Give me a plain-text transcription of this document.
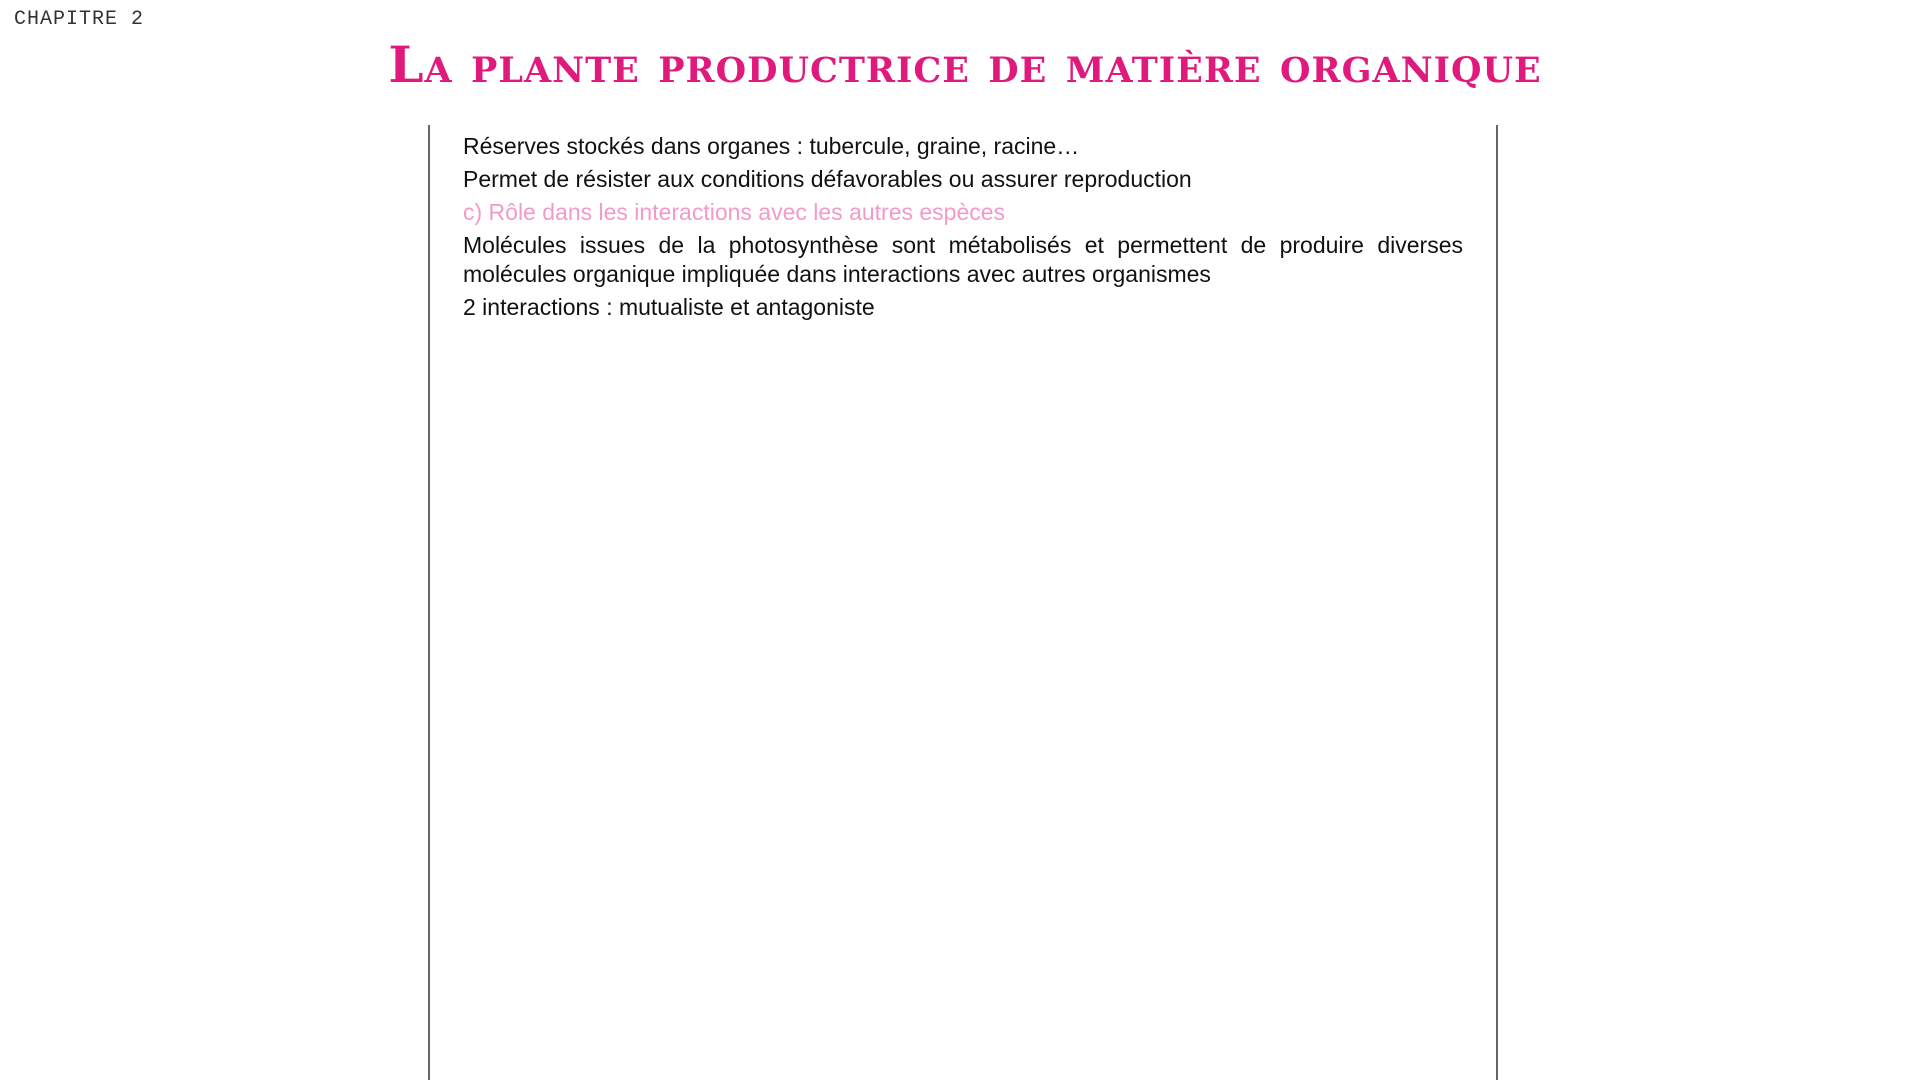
CHAPITRE 2
La plante productrice de matière organique

Réserves stockés dans organes : tubercule, graine, racine…

Permet de résister aux conditions défavorables ou assurer reproduction

c) Rôle dans les interactions avec les autres espèces

Molécules issues de la photosynthèse sont métabolisés et permettent de produire diverses molécules organique impliquée dans interactions avec autres organismes

2 interactions : mutualiste et antagoniste
